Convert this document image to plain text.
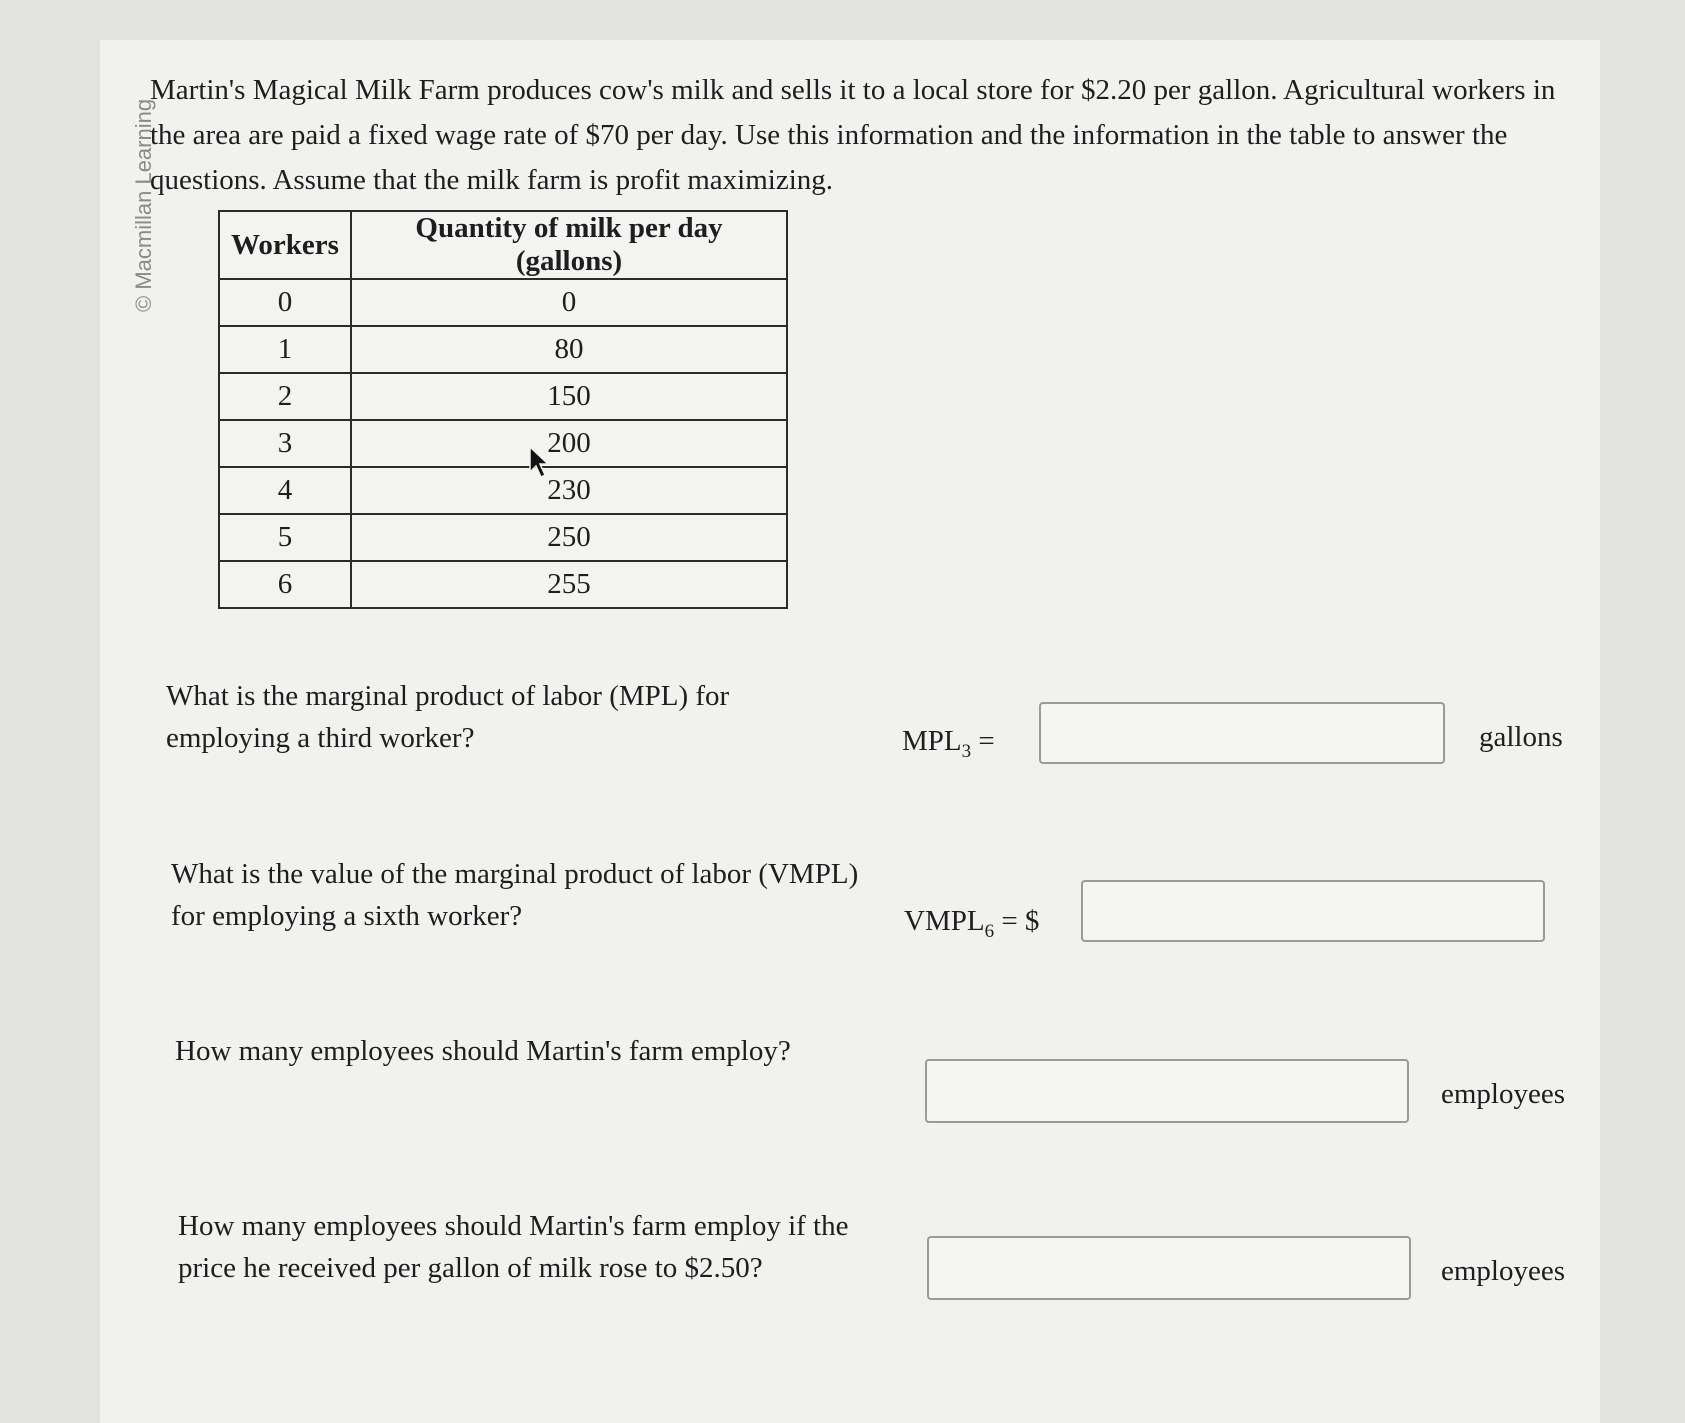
© Macmillan Learning
Martin's Magical Milk Farm produces cow's milk and sells it to a local store for $2.20 per gallon. Agricultural workers in the area are paid a fixed wage rate of $70 per day. Use this information and the information in the table to answer the questions. Assume that the milk farm is profit maximizing.
Workers	Quantity of milk per day (gallons)
0	0
1	80
2	150
3	200
4	230
5	250
6	255
What is the marginal product of labor (MPL) for employing a third worker?	$MPL_3$ =	gallons
What is the value of the marginal product of labor (VMPL) for employing a sixth worker?	$VMPL_6$ = $
How many employees should Martin's farm employ?
employees
How many employees should Martin's farm employ if the price he received per gallon of milk rose to $2.50?	employees
